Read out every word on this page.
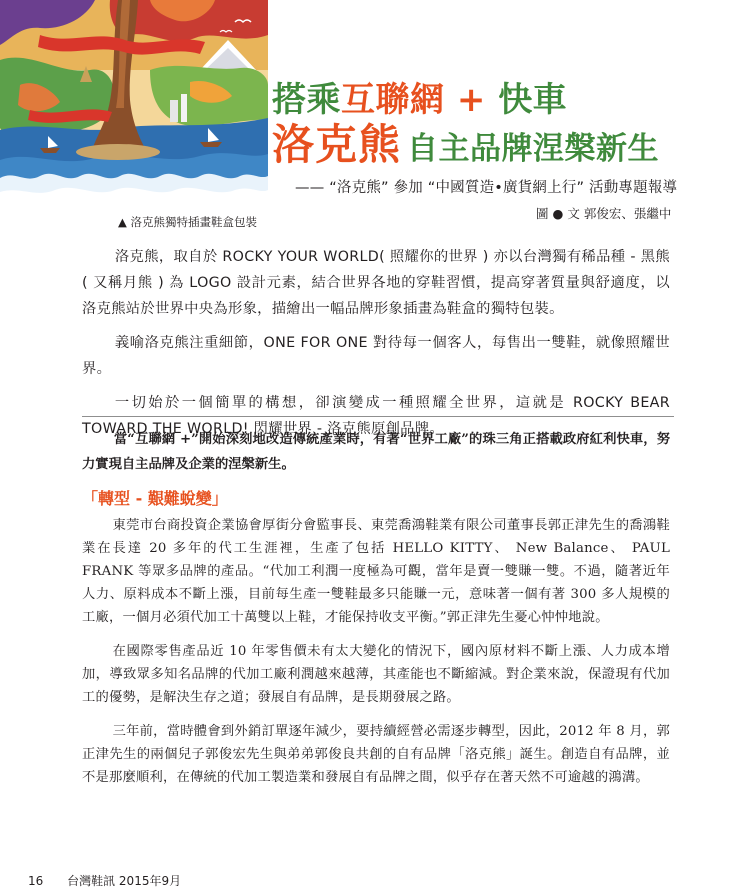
▲ 洛克熊獨特插畫鞋盒包裝
搭乘互聯網 + 快車
洛克熊 自主品牌涅槃新生
—— “洛克熊” 參加 “中國質造•廣貨網上行” 活動專題報導
圖 ● 文 郭俊宏、張繼中

洛克熊，取自於 ROCKY YOUR WORLD( 照耀你的世界 ) 亦以台灣獨有稀品種 - 黑熊 ( 又稱月熊 ) 為 LOGO 設計元素，結合世界各地的穿鞋習慣，提高穿著質量與舒適度，以洛克熊站於世界中央為形象，描繪出一幅品牌形象插畫為鞋盒的獨特包裝。

義喻洛克熊注重細節，ONE FOR ONE 對待每一個客人，每售出一雙鞋，就像照耀世界。

一切始於一個簡單的構想，卻演變成一種照耀全世界，這就是 ROCKY BEAR TOWARD THE WORLD! 閃耀世界 - 洛克熊原創品牌。

當“互聯網 +”開始深刻地改造傳統產業時，有著“世界工廠”的珠三角正搭載政府紅利快車，努力實現自主品牌及企業的涅槃新生。
「轉型 - 艱難蛻變」

東莞市台商投資企業協會厚街分會監事長、東莞喬鴻鞋業有限公司董事長郭正津先生的喬鴻鞋業在長達 20 多年的代工生涯裡，生產了包括 HELLO KITTY、 New Balance、 PAUL FRANK 等眾多品牌的產品。“代加工利潤一度極為可觀，當年是賣一雙賺一雙。不過，隨著近年人力、原料成本不斷上漲，目前每生產一雙鞋最多只能賺一元，意味著一個有著 300 多人規模的工廠，一個月必須代加工十萬雙以上鞋，才能保持收支平衡。”郭正津先生憂心忡忡地說。

在國際零售產品近 10 年零售價未有太大變化的情況下，國內原材料不斷上漲、人力成本增加，導致眾多知名品牌的代加工廠利潤越來越薄，其產能也不斷縮減。對企業來說，保證現有代加工的優勢，是解決生存之道；發展自有品牌，是長期發展之路。

三年前，當時體會到外銷訂單逐年減少，要持續經營必需逐步轉型，因此，2012 年 8 月，郭正津先生的兩個兒子郭俊宏先生與弟弟郭俊良共創的自有品牌「洛克熊」誕生。創造自有品牌，並不是那麼順利，在傳統的代加工製造業和發展自有品牌之間，似乎存在著天然不可逾越的鴻溝。

16 台灣鞋訊 2015年9月
